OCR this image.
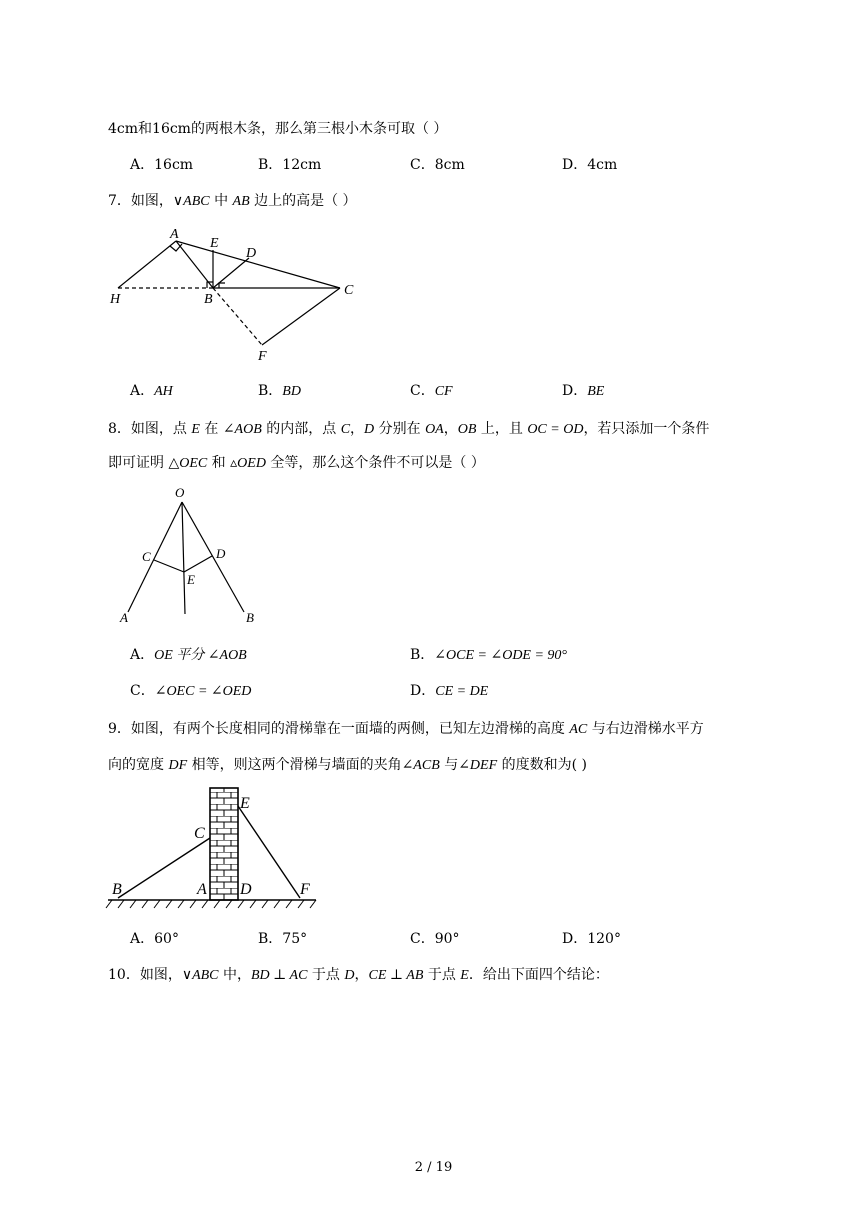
4cm和16cm的两根木条，那么第三根小木条可取（ ）
A．16cm	B．12cm	C．8cm	D．4cm
7．如图，∨ABC 中 AB 边上的高是（ ）
A
E
D
H	B
C
F
A．AH	B．BD	C．CF	D．BE
8．如图，点 E 在 ∠AOB 的内部，点 C，D 分别在 OA，OB 上，且 OC = OD，若只添加一个条件
即可证明 △OEC 和 ▵OED 全等，那么这个条件不可以是（ ）
O
C	D
E
A	B
A．OE 平分 ∠AOB	B．∠OCE = ∠ODE = 90°
C．∠OEC = ∠OED	D．CE = DE
9．如图，有两个长度相同的滑梯靠在一面墙的两侧，已知左边滑梯的高度 AC 与右边滑梯水平方
向的宽度 DF 相等，则这两个滑梯与墙面的夹角∠ACB 与∠DEF 的度数和为( )
E
C
B	A D	F
A．60°	B．75°	C．90°	D．120°
10．如图，∨ABC 中，BD ⊥ AC 于点 D，CE ⊥ AB 于点 E．给出下面四个结论：
2 / 19
